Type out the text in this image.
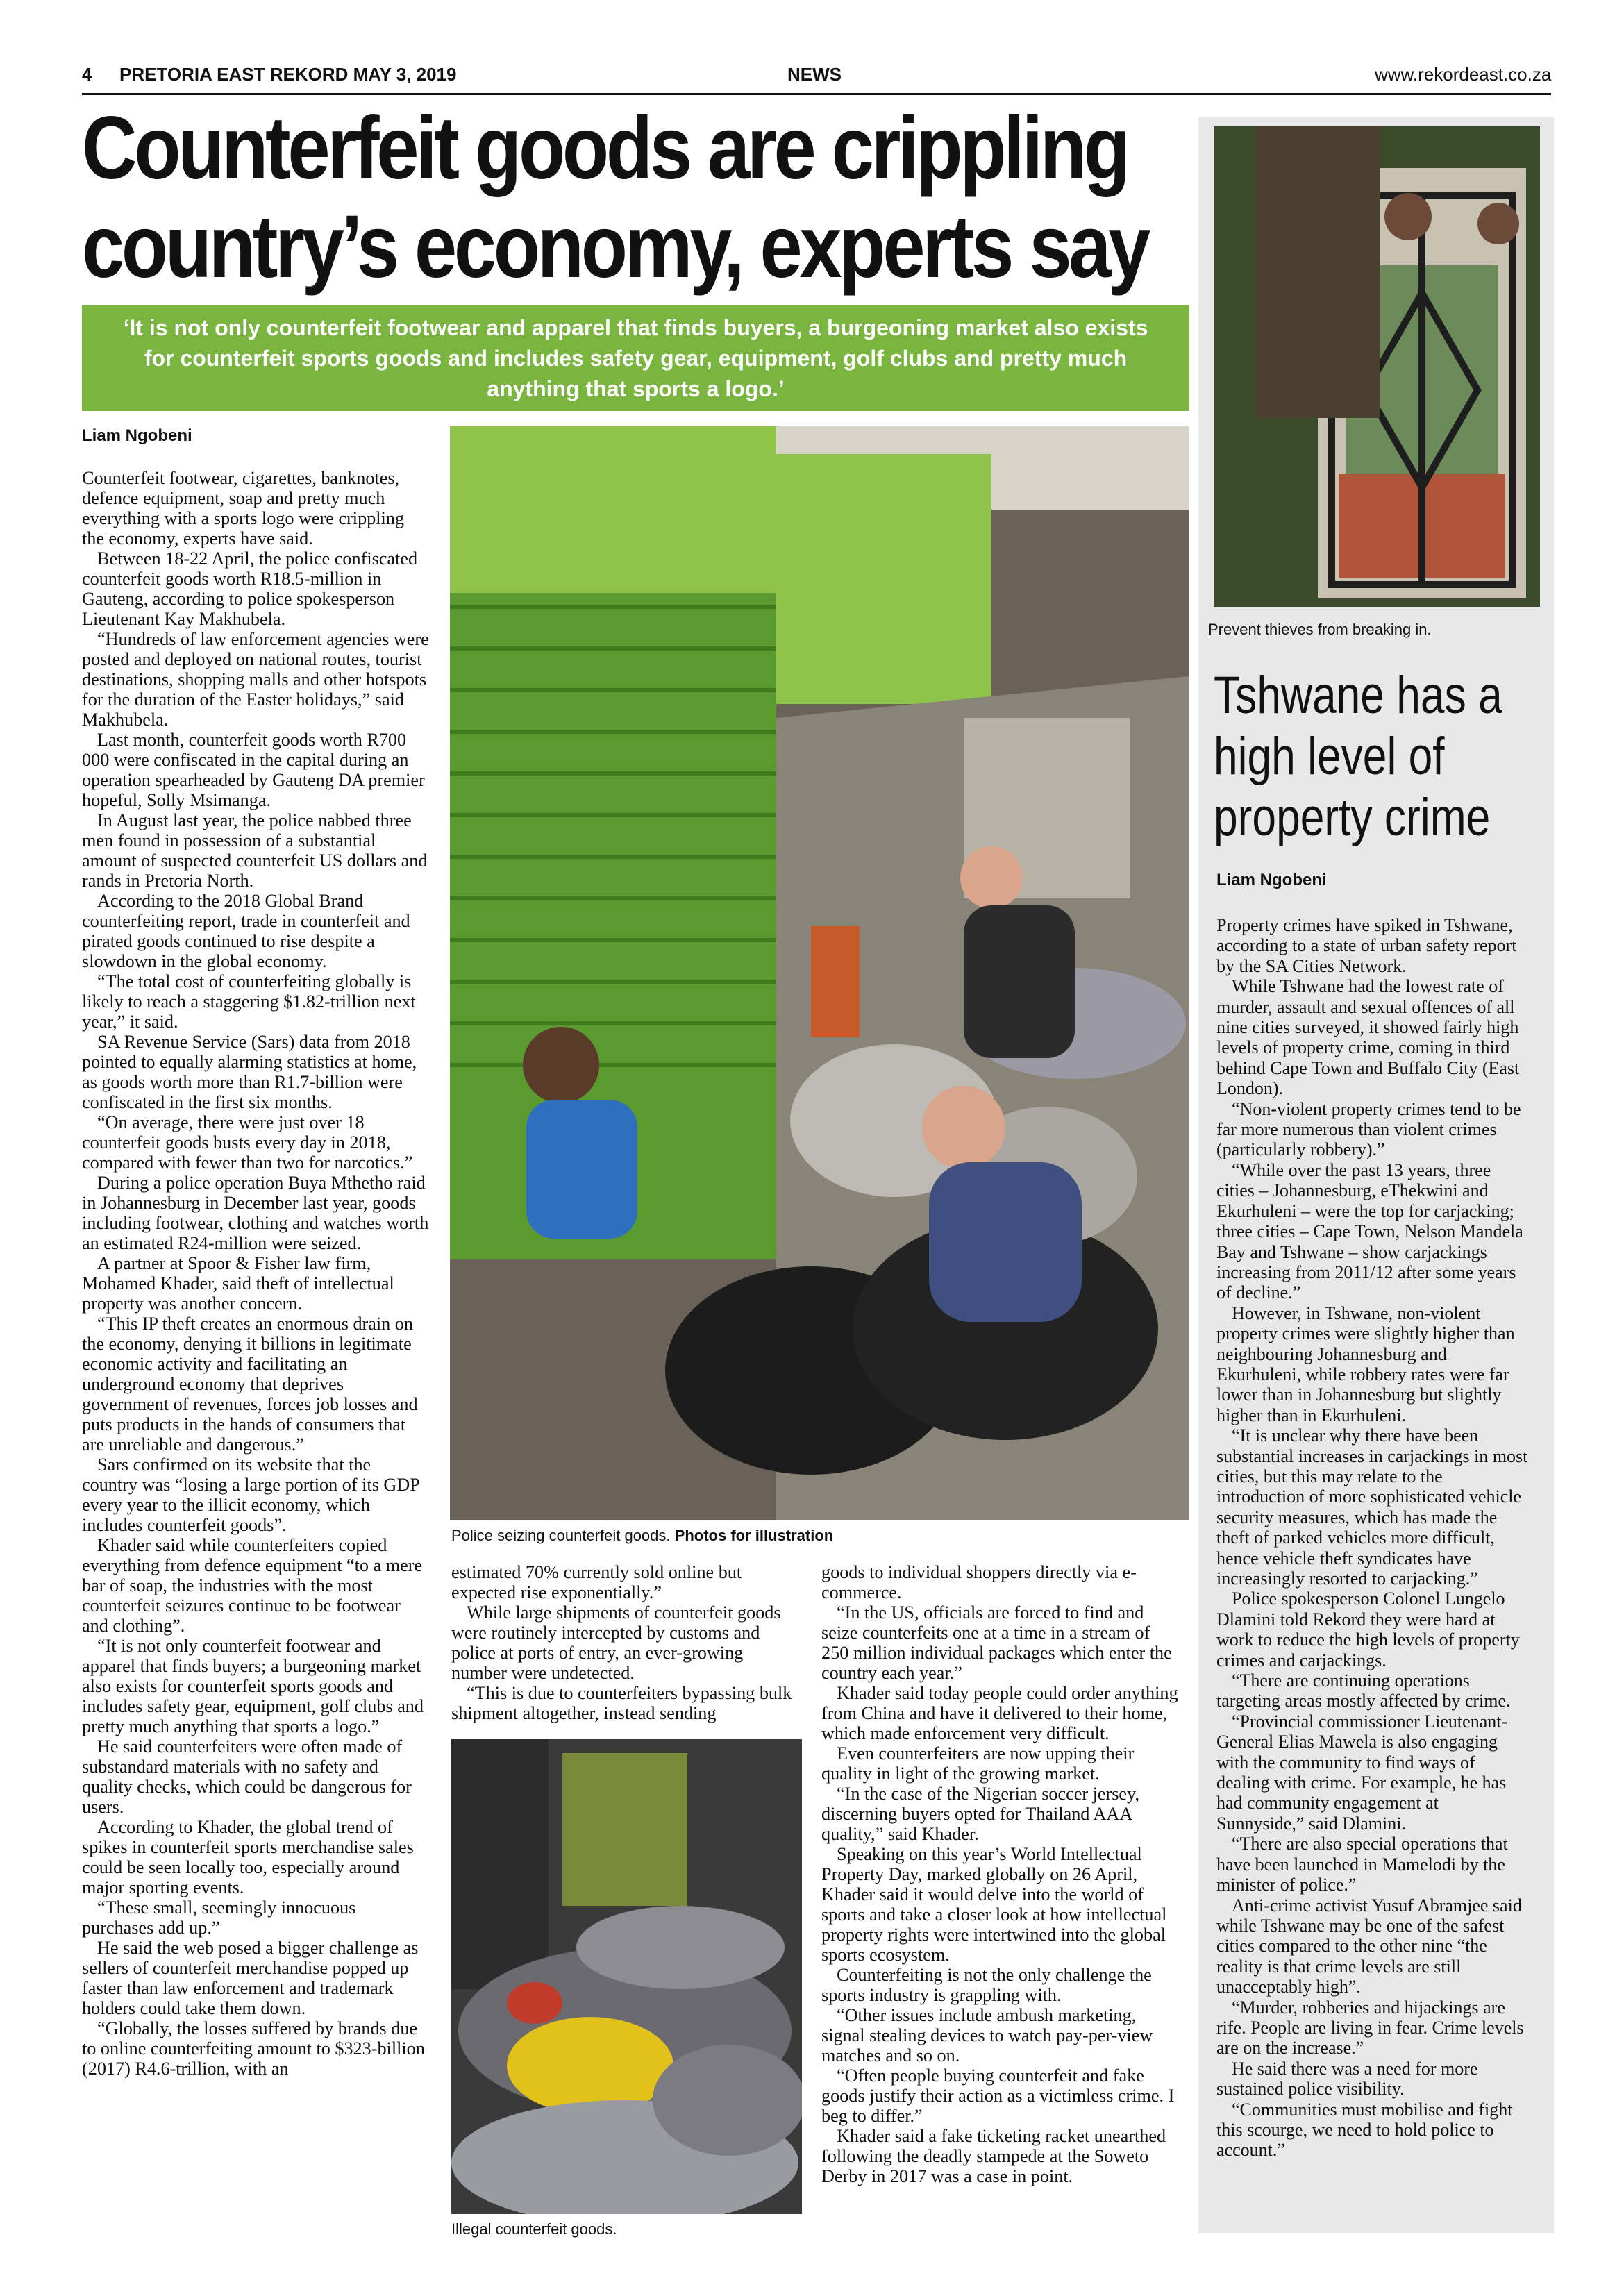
4 PRETORIA EAST REKORD MAY 3, 2019	NEWS	www.rekordeast.co.za
Counterfeit goods are crippling
country’s economy, experts say
‘It is not only counterfeit footwear and apparel that finds buyers, a burgeoning market also exists for counterfeit sports goods and includes safety gear, equipment, golf clubs and pretty much anything that sports a logo.’
Liam Ngobeni

Counterfeit footwear, cigarettes, banknotes, defence equipment, soap and pretty much everything with a sports logo were crippling the economy, experts have said.

Between 18-22 April, the police confiscated counterfeit goods worth R18.5-million in Gauteng, according to police spokesperson Lieutenant Kay Makhubela.

“Hundreds of law enforcement agencies were posted and deployed on national routes, tourist destinations, shopping malls and other hotspots for the duration of the Easter holidays,” said Makhubela.

Last month, counterfeit goods worth R700 000 were confiscated in the capital during an operation spearheaded by Gauteng DA premier hopeful, Solly Msimanga.

In August last year, the police nabbed three men found in possession of a substantial amount of suspected counterfeit US dollars and rands in Pretoria North.

According to the 2018 Global Brand counterfeiting report, trade in counterfeit and pirated goods continued to rise despite a slowdown in the global economy.

“The total cost of counterfeiting globally is likely to reach a staggering $1.82-trillion next year,” it said.

SA Revenue Service (Sars) data from 2018 pointed to equally alarming statistics at home, as goods worth more than R1.7-billion were confiscated in the first six months.

“On average, there were just over 18 counterfeit goods busts every day in 2018, compared with fewer than two for narcotics.”

During a police operation Buya Mthetho raid in Johannesburg in December last year, goods including footwear, clothing and watches worth an estimated R24-million were seized.

A partner at Spoor & Fisher law firm, Mohamed Khader, said theft of intellectual property was another concern.

“This IP theft creates an enormous drain on the economy, denying it billions in legitimate economic activity and facilitating an underground economy that deprives government of revenues, forces job losses and puts products in the hands of consumers that are unreliable and dangerous.”

Sars confirmed on its website that the country was “losing a large portion of its GDP every year to the illicit economy, which includes counterfeit goods”.

Khader said while counterfeiters copied everything from defence equipment “to a mere bar of soap, the industries with the most counterfeit seizures continue to be footwear and clothing”.

“It is not only counterfeit footwear and apparel that finds buyers; a burgeoning market also exists for counterfeit sports goods and includes safety gear, equipment, golf clubs and pretty much anything that sports a logo.”

He said counterfeiters were often made of substandard materials with no safety and quality checks, which could be dangerous for users.

According to Khader, the global trend of spikes in counterfeit sports merchandise sales could be seen locally too, especially around major sporting events.

“These small, seemingly innocuous purchases add up.”

He said the web posed a bigger challenge as sellers of counterfeit merchandise popped up faster than law enforcement and trademark holders could take them down.

“Globally, the losses suffered by brands due to online counterfeiting amount to $323-billion (2017) R4.6-trillion, with an

Police seizing counterfeit goods. Photos for illustration

estimated 70% currently sold online but expected rise exponentially.”

While large shipments of counterfeit goods were routinely intercepted by customs and police at ports of entry, an ever-growing number were undetected.

“This is due to counterfeiters bypassing bulk shipment altogether, instead sending

Illegal counterfeit goods.

goods to individual shoppers directly via e-commerce.

“In the US, officials are forced to find and seize counterfeits one at a time in a stream of 250 million individual packages which enter the country each year.”

Khader said today people could order anything from China and have it delivered to their home, which made enforcement very difficult.

Even counterfeiters are now upping their quality in light of the growing market.

“In the case of the Nigerian soccer jersey, discerning buyers opted for Thailand AAA quality,” said Khader.

Speaking on this year’s World Intellectual Property Day, marked globally on 26 April, Khader said it would delve into the world of sports and take a closer look at how intellectual property rights were intertwined into the global sports ecosystem.

Counterfeiting is not the only challenge the sports industry is grappling with.

“Other issues include ambush marketing, signal stealing devices to watch pay-per-view matches and so on.

“Often people buying counterfeit and fake goods justify their action as a victimless crime. I beg to differ.”

Khader said a fake ticketing racket unearthed following the deadly stampede at the Soweto Derby in 2017 was a case in point.

Prevent thieves from breaking in.
Tshwane has a
high level of
property crime
Liam Ngobeni

Property crimes have spiked in Tshwane, according to a state of urban safety report by the SA Cities Network.

While Tshwane had the lowest rate of murder, assault and sexual offences of all nine cities surveyed, it showed fairly high levels of property crime, coming in third behind Cape Town and Buffalo City (East London).

“Non-violent property crimes tend to be far more numerous than violent crimes (particularly robbery).”

“While over the past 13 years, three cities – Johannesburg, eThekwini and Ekurhuleni – were the top for carjacking; three cities – Cape Town, Nelson Mandela Bay and Tshwane – show carjackings increasing from 2011/12 after some years of decline.”

However, in Tshwane, non-violent property crimes were slightly higher than neighbouring Johannesburg and Ekurhuleni, while robbery rates were far lower than in Johannesburg but slightly higher than in Ekurhuleni.

“It is unclear why there have been substantial increases in carjackings in most cities, but this may relate to the introduction of more sophisticated vehicle security measures, which has made the theft of parked vehicles more difficult, hence vehicle theft syndicates have increasingly resorted to carjacking.”

Police spokesperson Colonel Lungelo Dlamini told Rekord they were hard at work to reduce the high levels of property crimes and carjackings.

“There are continuing operations targeting areas mostly affected by crime.

“Provincial commissioner Lieutenant-General Elias Mawela is also engaging with the community to find ways of dealing with crime. For example, he has had community engagement at Sunnyside,” said Dlamini.

“There are also special operations that have been launched in Mamelodi by the minister of police.”

Anti-crime activist Yusuf Abramjee said while Tshwane may be one of the safest cities compared to the other nine “the reality is that crime levels are still unacceptably high”.

“Murder, robberies and hijackings are rife. People are living in fear. Crime levels are on the increase.”

He said there was a need for more sustained police visibility.

“Communities must mobilise and fight this scourge, we need to hold police to account.”
